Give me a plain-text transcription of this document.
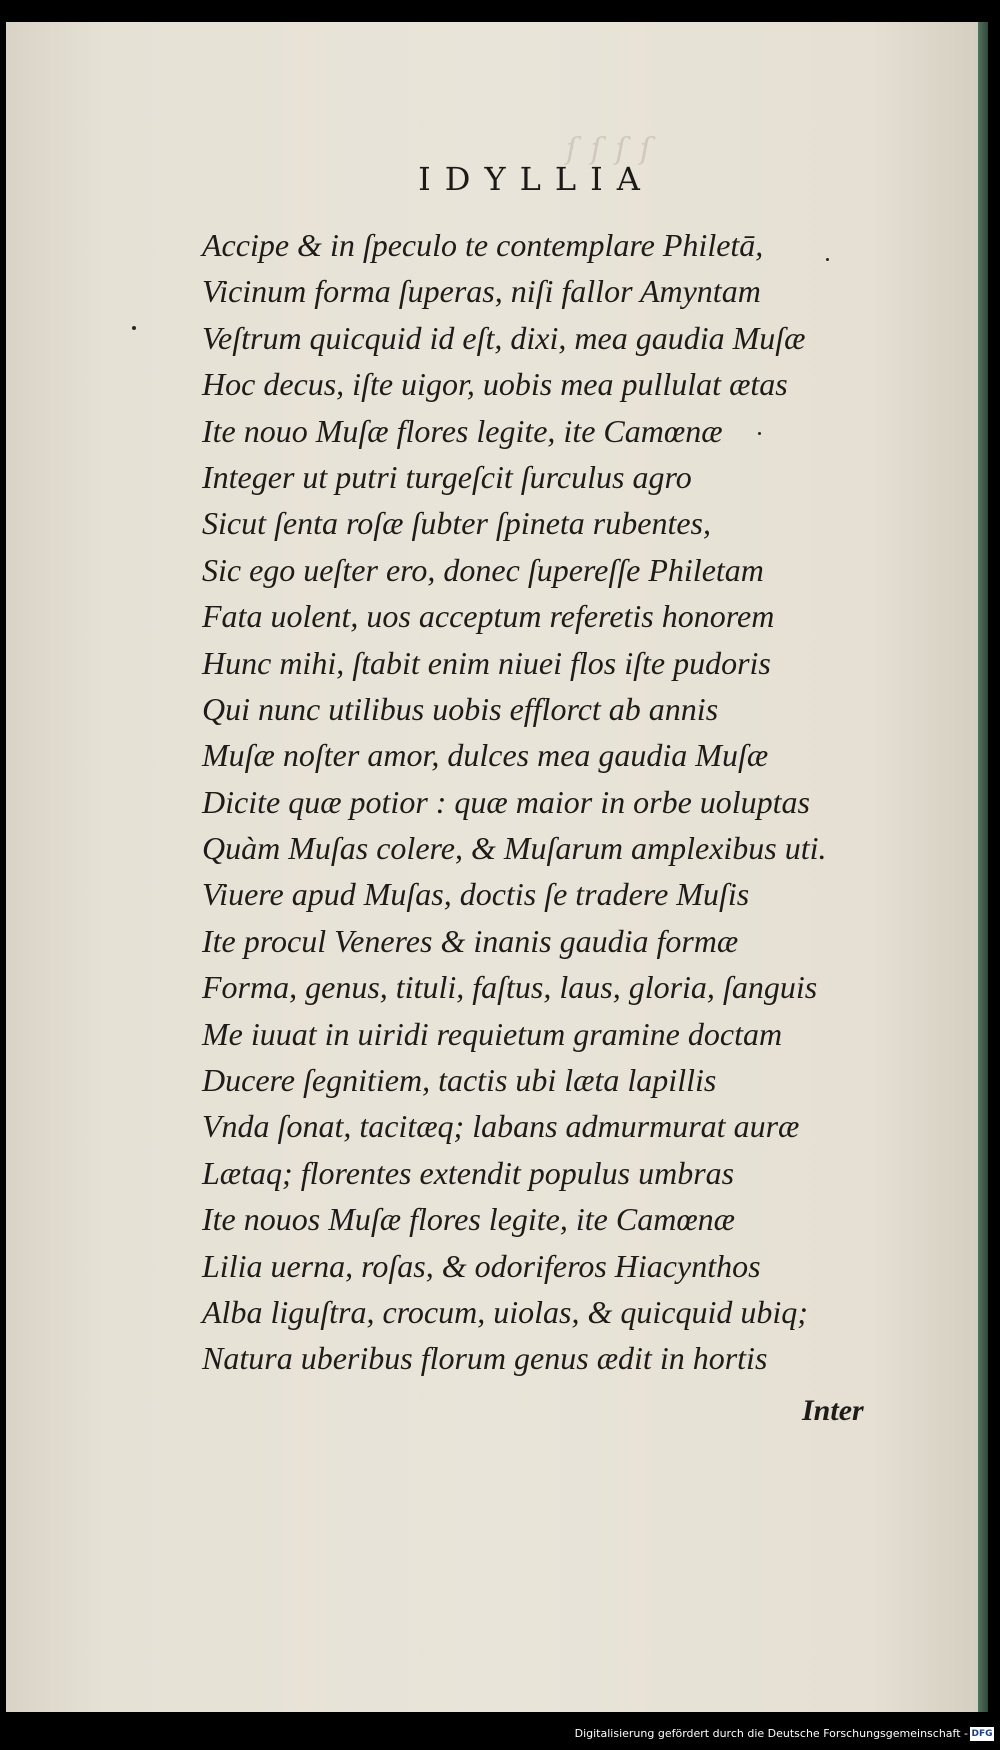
ſ ſ ſ ſ
IDYLLIA
Accipe & in ſpeculo te contemplare Philetā,
Vicinum forma ſuperas, niſi fallor Amyntam
Veſtrum quicquid id eſt, dixi, mea gaudia Muſæ
Hoc decus, iſte uigor, uobis mea pullulat ætas
Ite nouo Muſæ flores legite, ite Camœnæ
Integer ut putri turgeſcit ſurculus agro
Sicut ſenta roſæ ſubter ſpineta rubentes,
Sic ego ueſter ero, donec ſupereſſe Philetam
Fata uolent, uos acceptum referetis honorem
Hunc mihi, ſtabit enim niuei flos iſte pudoris
Qui nunc utilibus uobis efflorct ab annis
Muſæ noſter amor, dulces mea gaudia Muſæ
Dicite quæ potior : quæ maior in orbe uoluptas
Quàm Muſas colere, & Muſarum amplexibus uti.
Viuere apud Muſas, doctis ſe tradere Muſis
Ite procul Veneres & inanis gaudia formæ
Forma, genus, tituli, faſtus, laus, gloria, ſanguis
Me iuuat in uiridi requietum gramine doctam
Ducere ſegnitiem, tactis ubi læta lapillis
Vnda ſonat, tacitæq; labans admurmurat auræ
Lætaq; florentes extendit populus umbras
Ite nouos Muſæ flores legite, ite Camœnæ
Lilia uerna, roſas, & odoriferos Hiacynthos
Alba liguſtra, crocum, uiolas, & quicquid ubiq;
Natura uberibus florum genus ædit in hortis
Inter
Digitalisierung gefördert durch die Deutsche Forschungsgemeinschaft - DFG
